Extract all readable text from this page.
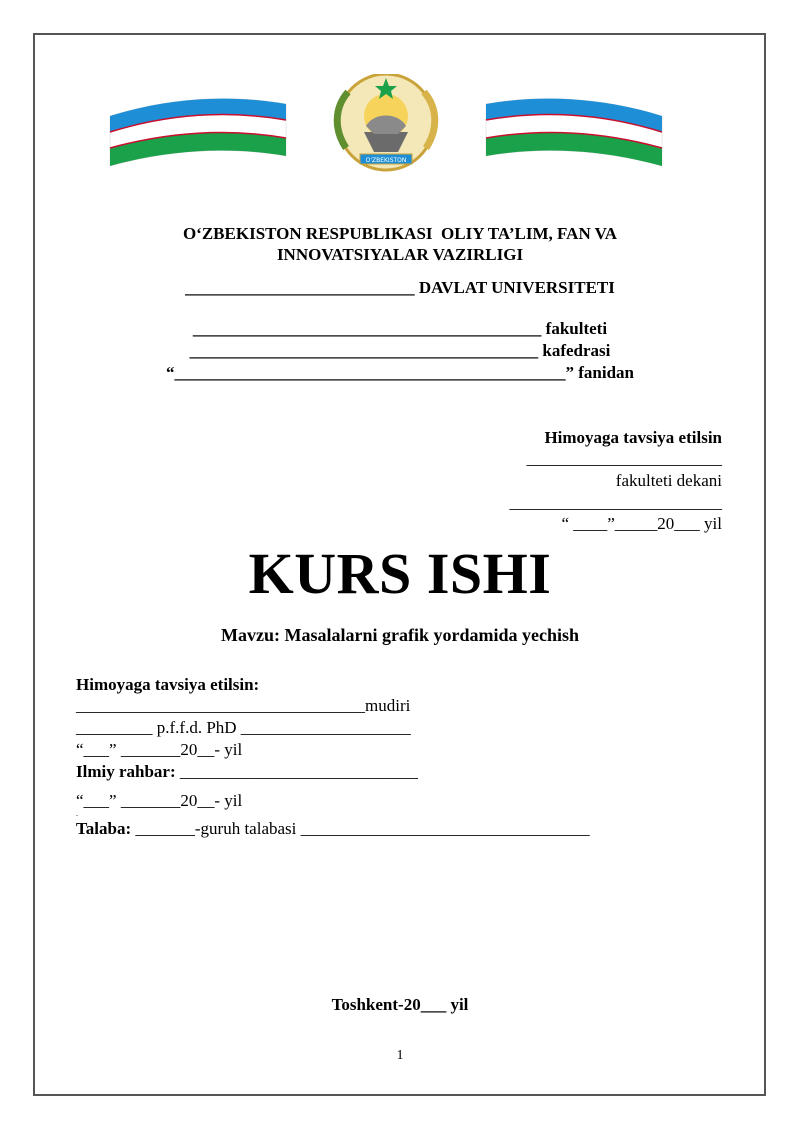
O'ZBEKISTON
O‘ZBEKISTON RESPUBLIKASI  OLIY TA’LIM, FAN VA
INNOVATSIYALAR VAZIRLIGI
___________________________ DAVLAT UNIVERSITETI
_________________________________________ fakulteti
_________________________________________ kafedrasi
“______________________________________________” fanidan
Himoyaga tavsiya etilsin
_______________________
fakulteti dekani
_________________________
“ ____”_____20___ yil
KURS ISHI
Mavzu: Masalalarni grafik yordamida yechish
Himoyaga tavsiya etilsin:
__________________________________mudiri
_________ p.f.f.d. PhD ____________________
“___” _______20__- yil
Ilmiy rahbar: ____________________________
“___” _______20__- yil
-
Talaba: _______-guruh talabasi __________________________________
Toshkent-20___ yil
1
